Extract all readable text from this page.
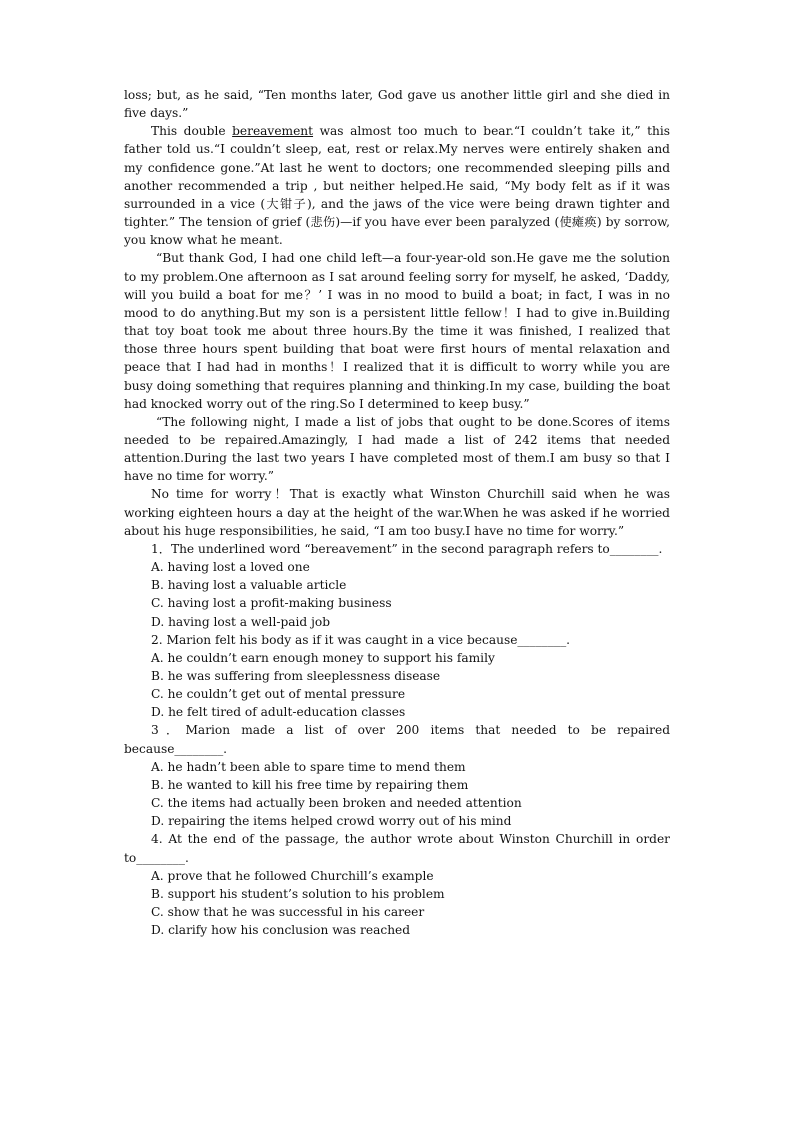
loss; but, as he said, “Ten months later, God gave us another little girl and she died in five days.”

This double bereavement was almost too much to bear.“I couldn’t take it,” this father told us.“I couldn’t sleep, eat, rest or relax.My nerves were entirely shaken and my confidence gone.”At last he went to doctors; one recommended sleeping pills and another recommended a trip , but neither helped.He said, “My body felt as if it was surrounded in a vice (大钳子), and the jaws of the vice were being drawn tighter and tighter.” The tension of grief (悲伤)—if you have ever been paralyzed (使瘫痪) by sorrow, you know what he meant.

“But thank God, I had one child left—a four-year-old son.He gave me the solution to my problem.One afternoon as I sat around feeling sorry for myself, he asked, ‘Daddy, will you build a boat for me？’ I was in no mood to build a boat; in fact, I was in no mood to do anything.But my son is a persistent little fellow！I had to give in.Building that toy boat took me about three hours.By the time it was finished, I realized that those three hours spent building that boat were first hours of mental relaxation and peace that I had had in months！I realized that it is difficult to worry while you are busy doing something that requires planning and thinking.In my case, building the boat had knocked worry out of the ring.So I determined to keep busy.”

“The following night, I made a list of jobs that ought to be done.Scores of items needed to be repaired.Amazingly, I had made a list of 242 items that needed attention.During the last two years I have completed most of them.I am busy so that I have no time for worry.”

No time for worry！That is exactly what Winston Churchill said when he was working eighteen hours a day at the height of the war.When he was asked if he worried about his huge responsibilities, he said, “I am too busy.I have no time for worry.”

1．The underlined word “bereavement” in the second paragraph refers to________.

A. having lost a loved one

B. having lost a valuable article

C. having lost a profit-making business

D. having lost a well-paid job

2. Marion felt his body as if it was caught in a vice because________.

A. he couldn’t earn enough money to support his family

B. he was suffering from sleeplessness disease

C. he couldn’t get out of mental pressure

D. he felt tired of adult-education classes

3．Marion made a list of over 200 items that needed to be repaired because________.

A. he hadn’t been able to spare time to mend them

B. he wanted to kill his free time by repairing them

C. the items had actually been broken and needed attention

D. repairing the items helped crowd worry out of his mind

4. At the end of the passage, the author wrote about Winston Churchill in order to________.

A. prove that he followed Churchill’s example

B. support his student’s solution to his problem

C. show that he was successful in his career

D. clarify how his conclusion was reached
